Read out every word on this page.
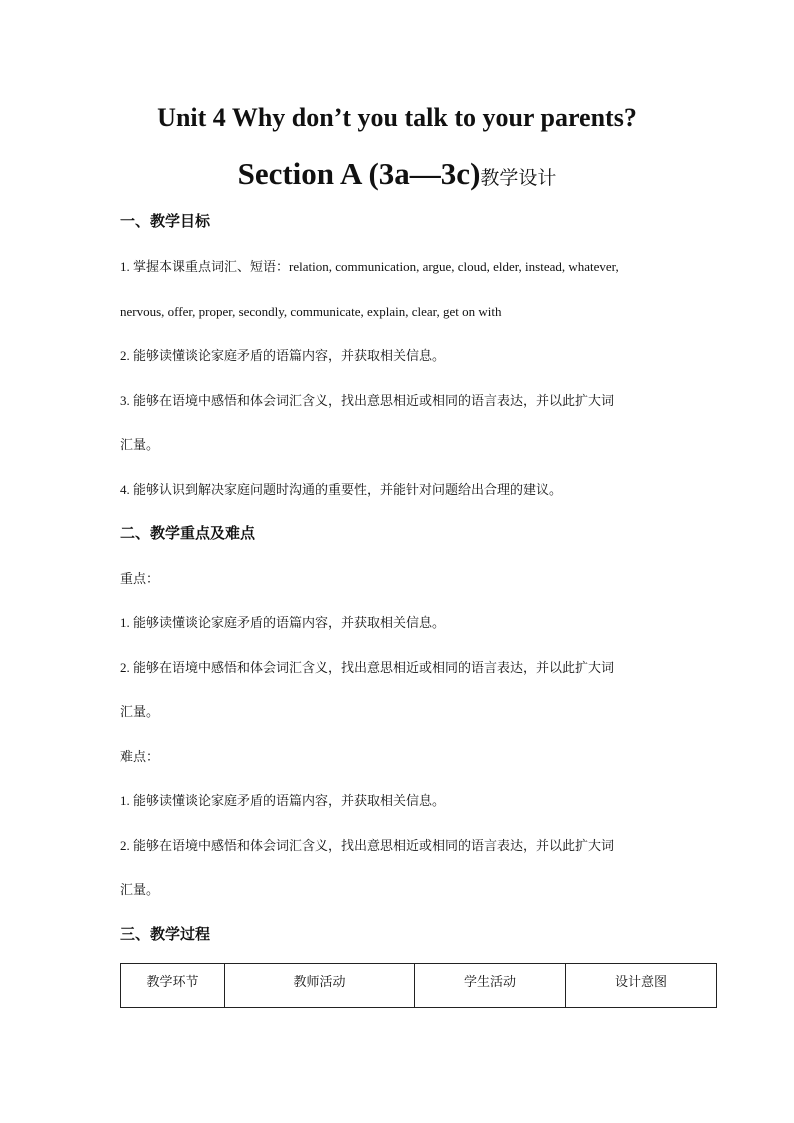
Unit 4 Why don’t you talk to your parents?
Section A (3a—3c)教学设计
一、教学目标
1. 掌握本课重点词汇、短语：relation, communication, argue, cloud, elder, instead, whatever,
nervous, offer, proper, secondly, communicate, explain, clear, get on with
2. 能够读懂谈论家庭矛盾的语篇内容，并获取相关信息。
3. 能够在语境中感悟和体会词汇含义，找出意思相近或相同的语言表达，并以此扩大词
汇量。
4. 能够认识到解决家庭问题时沟通的重要性，并能针对问题给出合理的建议。
二、教学重点及难点
重点：
1. 能够读懂谈论家庭矛盾的语篇内容，并获取相关信息。
2. 能够在语境中感悟和体会词汇含义，找出意思相近或相同的语言表达，并以此扩大词
汇量。
难点：
1. 能够读懂谈论家庭矛盾的语篇内容，并获取相关信息。
2. 能够在语境中感悟和体会词汇含义，找出意思相近或相同的语言表达，并以此扩大词
汇量。
三、教学过程
教学环节	教师活动	学生活动	设计意图
